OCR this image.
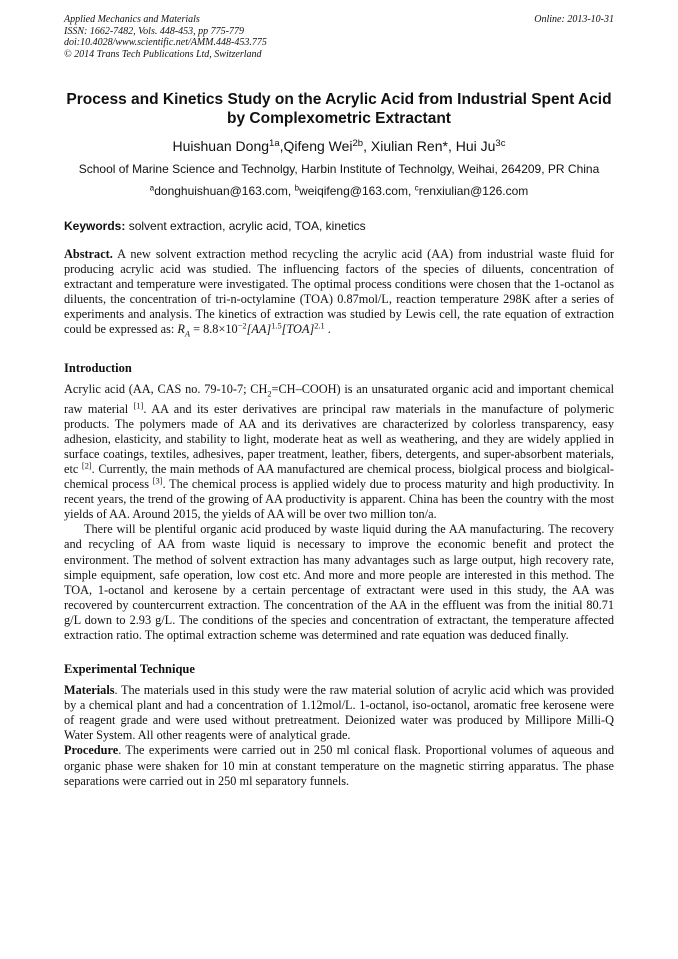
Applied Mechanics and Materials
ISSN: 1662-7482, Vols. 448-453, pp 775-779
doi:10.4028/www.scientific.net/AMM.448-453.775
© 2014 Trans Tech Publications Ltd, Switzerland
Online: 2013-10-31
Process and Kinetics Study on the Acrylic Acid from Industrial Spent Acid by Complexometric Extractant
Huishuan Dong$^{1a}$,Qifeng Wei$^{2b}$, Xiulian Ren*, Hui $Ju^{3c}$
School of Marine Science and Technolgy, Harbin Institute of Technolgy, Weihai, 264209, PR China
$^a$donghuishuan@163.com, $^b$weiqifeng@163.com, $^c$renxiulian@126.com
Keywords: solvent extraction, acrylic acid, TOA, kinetics
Abstract. A new solvent extraction method recycling the acrylic acid (AA) from industrial waste fluid for producing acrylic acid was studied. The influencing factors of the species of diluents, concentration of extractant and temperature were investigated. The optimal process conditions were chosen that the 1-octanol as diluents, the concentration of tri-n-octylamine (TOA) 0.87mol/L, reaction temperature 298K after a series of experiments and analysis. The kinetics of extraction was studied by Lewis cell, the rate equation of extraction could be expressed as: $R_A = 8.8\times 10^{-2}[AA]^{1.5}[TOA]^{2.1}$ .
Introduction

Acrylic acid (AA, CAS no. 79-10-7; $CH_2=CH-COOH$) is an unsaturated organic acid and important chemical raw material [1]. AA and its ester derivatives are principal raw materials in the manufacture of polymeric products. The polymers made of AA and its derivatives are characterized by colorless transparency, easy adhesion, elasticity, and stability to light, moderate heat as well as weathering, and they are widely applied in surface coatings, textiles, adhesives, paper treatment, leather, fibers, detergents, and super-absorbent materials, etc [2]. Currently, the main methods of AA manufactured are chemical process, biolgical process and biolgical-chemical process [3]. The chemical process is applied widely due to process maturity and high productivity. In recent years, the trend of the growing of AA productivity is apparent. China has been the country with the most yields of AA. Around 2015, the yields of AA will be over two million ton/a.

There will be plentiful organic acid produced by waste liquid during the AA manufacturing. The recovery and recycling of AA from waste liquid is necessary to improve the economic benefit and protect the environment. The method of solvent extraction has many advantages such as large output, high recovery rate, simple equipment, safe operation, low cost etc. And more and more people are interested in this method. The TOA, 1-octanol and kerosene by a certain percentage of extractant were used in this study, the AA was recovered by countercurrent extraction. The concentration of the AA in the effluent was from the initial 80.71 g/L down to 2.93 g/L. The conditions of the species and concentration of extractant, the temperature affected extraction ratio. The optimal extraction scheme was determined and rate equation was deduced finally.

Experimental Technique

Materials. The materials used in this study were the raw material solution of acrylic acid which was provided by a chemical plant and had a concentration of 1.12mol/L. 1-octanol, iso-octanol, aromatic free kerosene were of reagent grade and were used without pretreatment. Deionized water was produced by Millipore Milli-Q Water System. All other reagents were of analytical grade.

Procedure. The experiments were carried out in 250 ml conical flask. Proportional volumes of aqueous and organic phase were shaken for 10 min at constant temperature on the magnetic stirring apparatus. The phase separations were carried out in 250 ml separatory funnels.
